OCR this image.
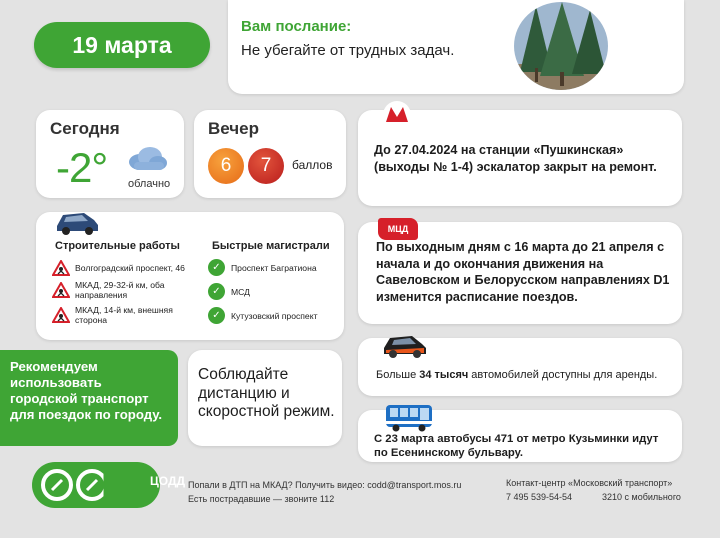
19 марта
Вам послание:
Не убегайте от трудных задач.
Сегодня
-2° облачно
Вечер
6	7	баллов
До 27.04.2024 на станции «Пушкинская» (выходы № 1-4) эскалатор закрыт на ремонт.
По выходным дням с 16 марта до 21 апреля с начала и до окончания движения на Савеловском и Белорусском направлениях D1 изменится расписание поездов.
МЦД
Больше 34 тысяч автомобилей доступны для аренды.
С 23 марта автобусы 471 от метро Кузьминки идут по Есенинскому бульвару.
Строительные работы	Быстрые магистрали
Волгоградский проспект, 46
МКАД, 29-32-й км, оба направления
МКАД, 14-й км, внешняя сторона
✓	Проспект Багратиона
✓	МСД
✓	Кутузовский проспект
Рекомендуем использовать городской транспорт для поездок по городу.
Соблюдайте дистанцию и скоростной режим.
ЦОДД Попали в ДТП на МКАД? Получить видео: codd@transport.mos.ru
Есть пострадавшие — звоните 112
Контакт-центр «Московский транспорт»
7 495 539-54-54	3210 с мобильного
